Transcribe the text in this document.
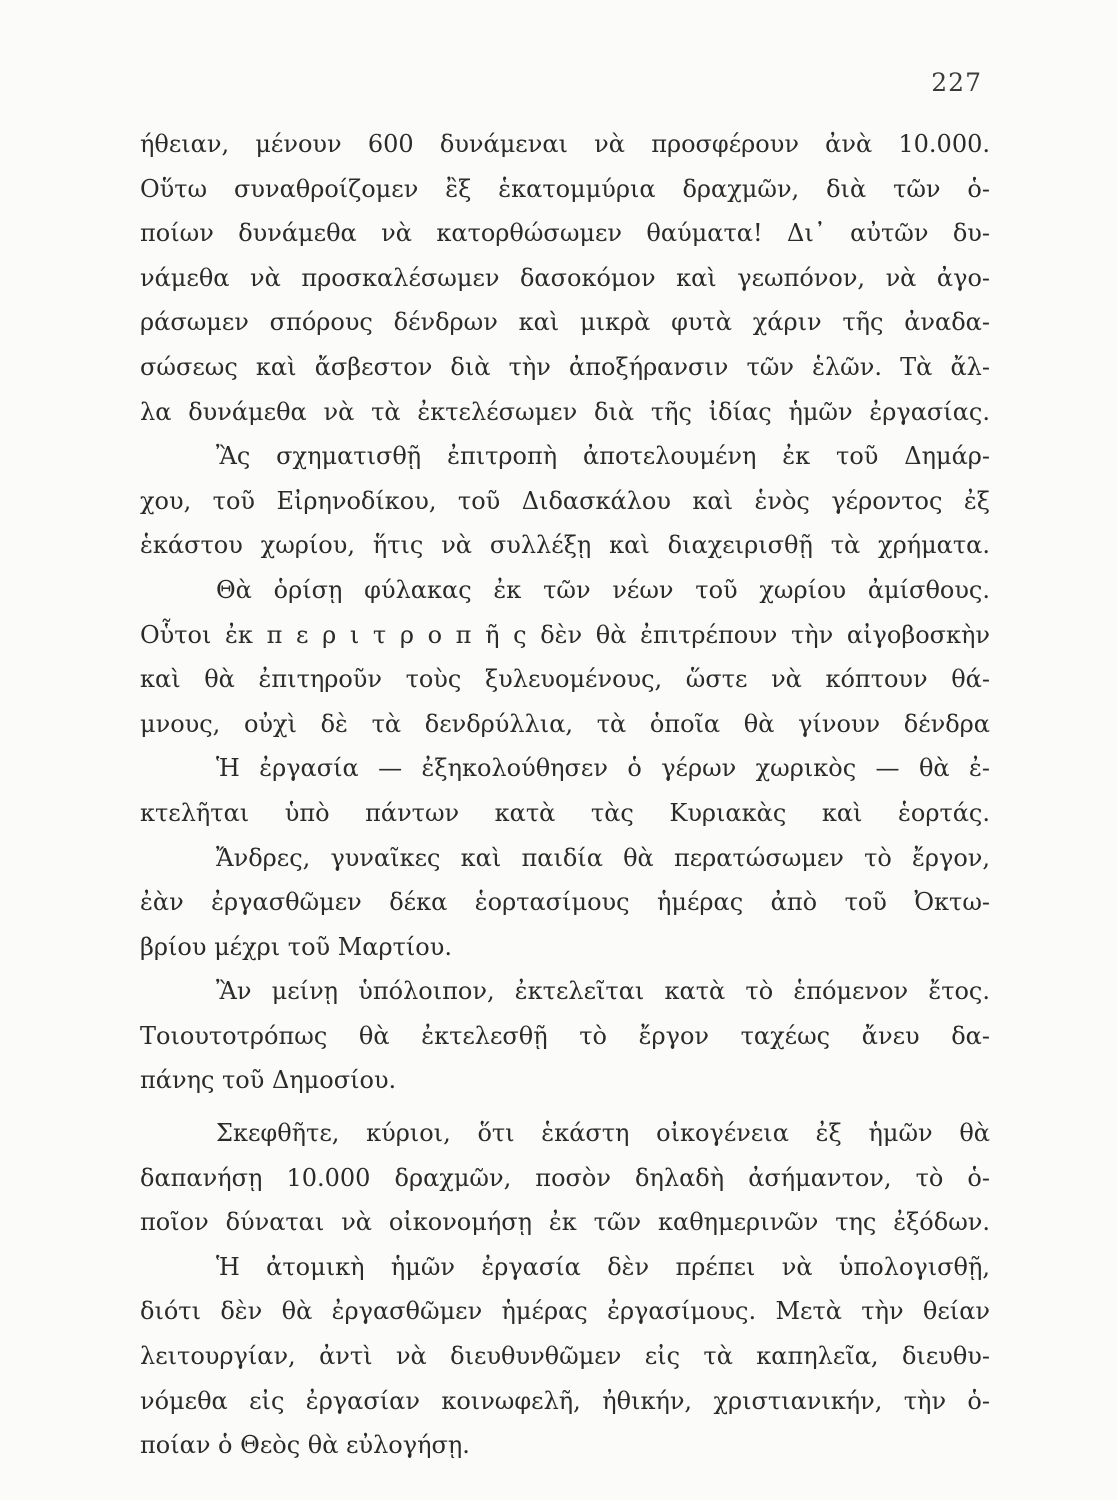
227
ήθειαν, μένουν 600 δυνάμεναι νὰ προσφέρουν ἀνὰ 10.000.
Οὕτω συναθροίζομεν ἒξ ἑκατομμύρια δραχμῶν, διὰ τῶν ὁ-
ποίων δυνάμεθα νὰ κατορθώσωμεν θαύματα! Δι᾽ αὐτῶν δυ-
νάμεθα νὰ προσκαλέσωμεν δασοκόμον καὶ γεωπόνον, νὰ ἀγο-
ράσωμεν σπόρους δένδρων καὶ μικρὰ φυτὰ χάριν τῆς ἀναδα-
σώσεως καὶ ἄσβεστον διὰ τὴν ἀποξήρανσιν τῶν ἑλῶν. Τὰ ἄλ-
λα δυνάμεθα νὰ τὰ ἐκτελέσωμεν διὰ τῆς ἰδίας ἡμῶν ἐργασίας.
Ἂς σχηματισθῇ ἐπιτροπὴ ἀποτελουμένη ἐκ τοῦ Δημάρ-
χου, τοῦ Εἰρηνοδίκου, τοῦ Διδασκάλου καὶ ἑνὸς γέροντος ἐξ
ἑκάστου χωρίου, ἥτις νὰ συλλέξῃ καὶ διαχειρισθῇ τὰ χρήματα.
Θὰ ὁρίσῃ φύλακας ἐκ τῶν νέων τοῦ χωρίου ἀμίσθους.
Οὗτοι ἐκ π ε ρ ι τ ρ ο π ῆ ς δὲν θὰ ἐπιτρέπουν τὴν αἰγοβοσκὴν
καὶ θὰ ἐπιτηροῦν τοὺς ξυλευομένους, ὥστε νὰ κόπτουν θά-
μνους, οὐχὶ δὲ τὰ δενδρύλλια, τὰ ὁποῖα θὰ γίνουν δένδρα
Ἡ ἐργασία — ἐξηκολούθησεν ὁ γέρων χωρικὸς — θὰ ἐ-
κτελῆται ὑπὸ πάντων κατὰ τὰς Κυριακὰς καὶ ἑορτάς.
Ἄνδρες, γυναῖκες καὶ παιδία θὰ περατώσωμεν τὸ ἔργον,
ἐὰν ἐργασθῶμεν δέκα ἑορτασίμους ἡμέρας ἀπὸ τοῦ Ὀκτω-
βρίου μέχρι τοῦ Μαρτίου.
Ἂν μείνῃ ὑπόλοιπον, ἐκτελεῖται κατὰ τὸ ἑπόμενον ἔτος.
Τοιουτοτρόπως θὰ ἐκτελεσθῇ τὸ ἔργον ταχέως ἄνευ δα-
πάνης τοῦ Δημοσίου.
Σκεφθῆτε, κύριοι, ὅτι ἑκάστη οἰκογένεια ἐξ ἡμῶν θὰ
δαπανήσῃ 10.000 δραχμῶν, ποσὸν δηλαδὴ ἀσήμαντον, τὸ ὁ-
ποῖον δύναται νὰ οἰκονομήσῃ ἐκ τῶν καθημερινῶν της ἐξόδων.
Ἡ ἀτομικὴ ἡμῶν ἐργασία δὲν πρέπει νὰ ὑπολογισθῇ,
διότι δὲν θὰ ἐργασθῶμεν ἡμέρας ἐργασίμους. Μετὰ τὴν θείαν
λειτουργίαν, ἀντὶ νὰ διευθυνθῶμεν εἰς τὰ καπηλεῖα, διευθυ-
νόμεθα εἰς ἐργασίαν κοινωφελῆ, ἠθικήν, χριστιανικήν, τὴν ὁ-
ποίαν ὁ Θεὸς θὰ εὐλογήσῃ.
